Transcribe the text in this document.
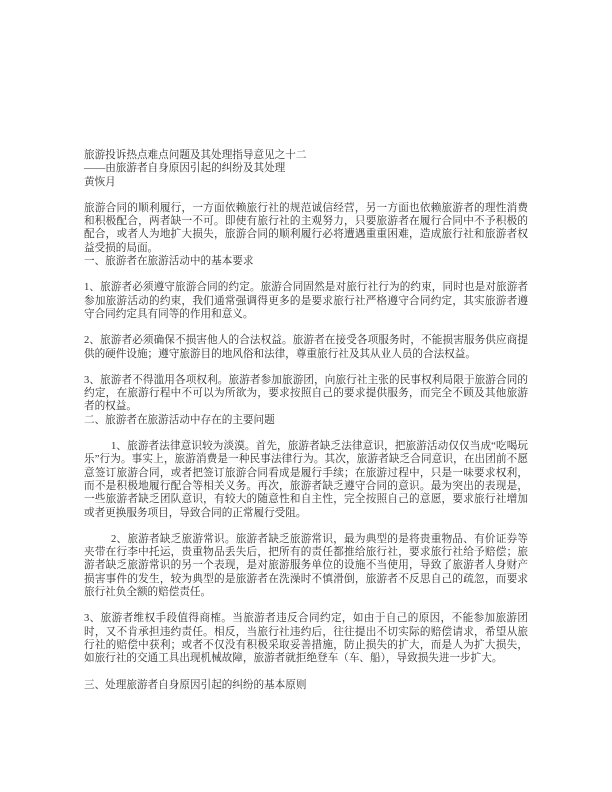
旅游投诉热点难点问题及其处理指导意见之十二
——由旅游者自身原因引起的纠纷及其处理
黄恢月

旅游合同的顺利履行，一方面依赖旅行社的规范诚信经营，另一方面也依赖旅游者的理性消费和积极配合，两者缺一不可。即使有旅行社的主观努力，只要旅游者在履行合同中不予积极的配合，或者人为地扩大损失，旅游合同的顺利履行必将遭遇重重困难，造成旅行社和旅游者权益受损的局面。

一、旅游者在旅游活动中的基本要求

1、旅游者必须遵守旅游合同的约定。旅游合同固然是对旅行社行为的约束，同时也是对旅游者参加旅游活动的约束，我们通常强调得更多的是要求旅行社严格遵守合同约定，其实旅游者遵守合同约定具有同等的作用和意义。

2、旅游者必须确保不损害他人的合法权益。旅游者在接受各项服务时，不能损害服务供应商提供的硬件设施；遵守旅游目的地风俗和法律，尊重旅行社及其从业人员的合法权益。

3、旅游者不得滥用各项权利。旅游者参加旅游团，向旅行社主张的民事权利局限于旅游合同的约定，在旅游行程中不可以为所欲为，要求按照自己的要求提供服务，而完全不顾及其他旅游者的权益。

二、旅游者在旅游活动中存在的主要问题

1、旅游者法律意识较为淡漠。首先，旅游者缺乏法律意识，把旅游活动仅仅当成“吃喝玩乐”行为。事实上，旅游消费是一种民事法律行为。其次，旅游者缺乏合同意识，在出团前不愿意签订旅游合同，或者把签订旅游合同看成是履行手续；在旅游过程中，只是一味要求权利，而不是积极地履行配合等相关义务。再次，旅游者缺乏遵守合同的意识。最为突出的表现是，一些旅游者缺乏团队意识，有较大的随意性和自主性，完全按照自己的意愿，要求旅行社增加或者更换服务项目，导致合同的正常履行受阻。

2、旅游者缺乏旅游常识。旅游者缺乏旅游常识，最为典型的是将贵重物品、有价证券等夹带在行李中托运，贵重物品丢失后，把所有的责任都推给旅行社，要求旅行社给予赔偿；旅游者缺乏旅游常识的另一个表现，是对旅游服务单位的设施不当使用，导致了旅游者人身财产损害事件的发生，较为典型的是旅游者在洗澡时不慎滑倒，旅游者不反思自己的疏忽，而要求旅行社负全额的赔偿责任。

3、旅游者维权手段值得商榷。当旅游者违反合同约定，如由于自己的原因，不能参加旅游团时，又不肯承担违约责任。相反，当旅行社违约后，往往提出不切实际的赔偿请求，希望从旅行社的赔偿中获利；或者不仅没有积极采取妥善措施，防止损失的扩大，而是人为扩大损失，如旅行社的交通工具出现机械故障，旅游者就拒绝登车（车、船），导致损失进一步扩大。

三、处理旅游者自身原因引起的纠纷的基本原则
